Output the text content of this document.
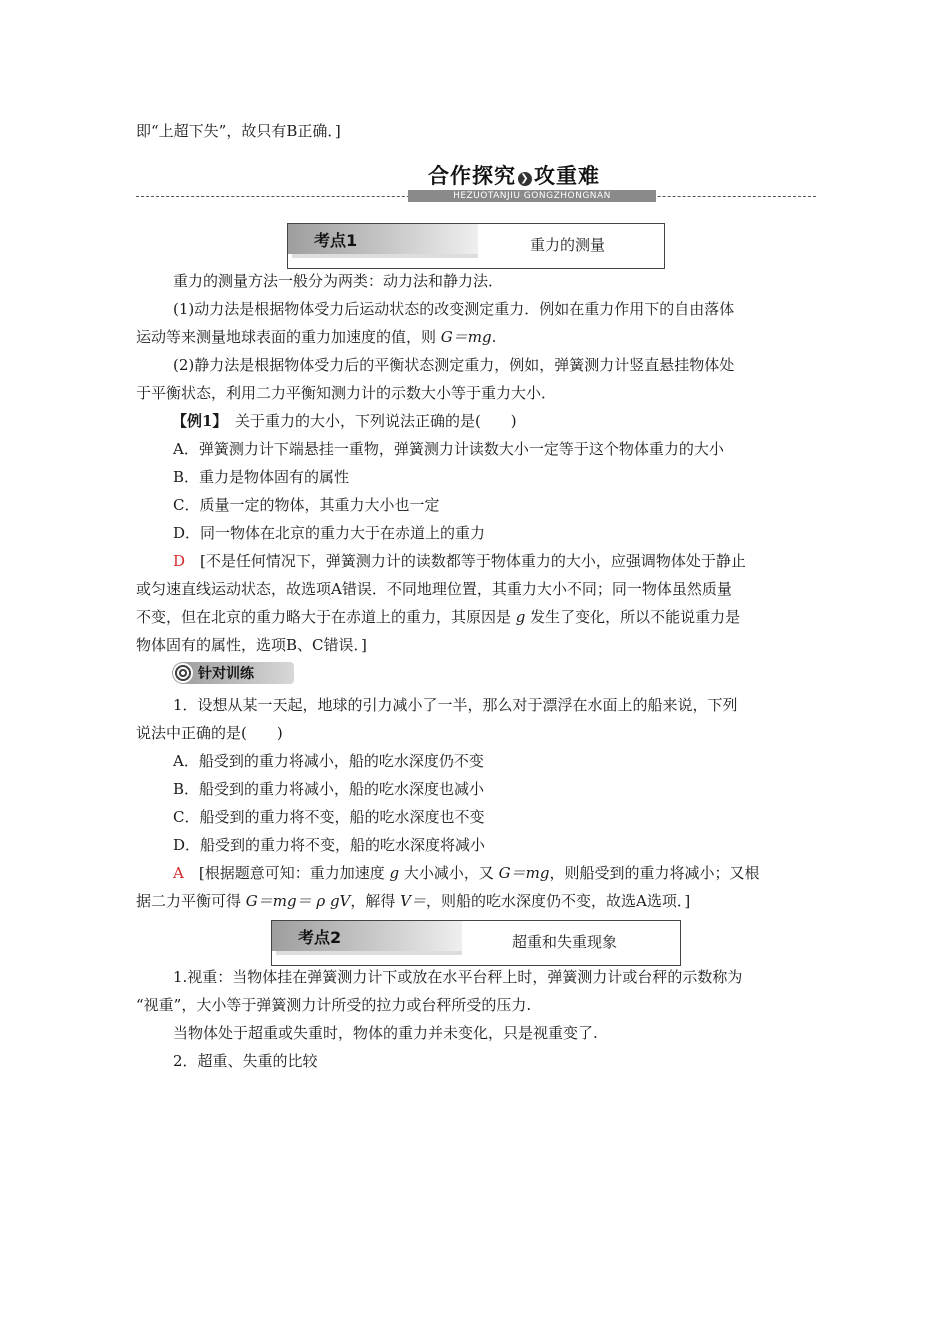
即“上超下失”，故只有B正确．]
合作探究 ❯ 攻重难
HEZUOTANJIU GONGZHONGNAN
考点1	重力的测量
重力的测量方法一般分为两类：动力法和静力法．
(1)动力法是根据物体受力后运动状态的改变测定重力．例如在重力作用下的自由落体
运动等来测量地球表面的重力加速度的值，则 G＝mg.
(2)静力法是根据物体受力后的平衡状态测定重力，例如，弹簧测力计竖直悬挂物体处
于平衡状态，利用二力平衡知测力计的示数大小等于重力大小．
【例1】　关于重力的大小，下列说法正确的是(　　)
A．弹簧测力计下端悬挂一重物，弹簧测力计读数大小一定等于这个物体重力的大小
B．重力是物体固有的属性
C．质量一定的物体，其重力大小也一定
D．同一物体在北京的重力大于在赤道上的重力
D　[不是任何情况下，弹簧测力计的读数都等于物体重力的大小，应强调物体处于静止
或匀速直线运动状态，故选项A错误．不同地理位置，其重力大小不同；同一物体虽然质量
不变，但在北京的重力略大于在赤道上的重力，其原因是 g 发生了变化，所以不能说重力是
物体固有的属性，选项B、C错误．]
针对训练
1．设想从某一天起，地球的引力减小了一半，那么对于漂浮在水面上的船来说，下列
说法中正确的是(　　)
A．船受到的重力将减小，船的吃水深度仍不变
B．船受到的重力将减小，船的吃水深度也减小
C．船受到的重力将不变，船的吃水深度也不变
D．船受到的重力将不变，船的吃水深度将减小
A　[根据题意可知：重力加速度 g 大小减小，又 G＝mg，则船受到的重力将减小；又根
据二力平衡可得 G＝mg＝ ρ gV，解得 V＝，则船的吃水深度仍不变，故选A选项．]
考点2	超重和失重现象
1.视重：当物体挂在弹簧测力计下或放在水平台秤上时，弹簧测力计或台秤的示数称为
“视重”，大小等于弹簧测力计所受的拉力或台秤所受的压力.
当物体处于超重或失重时，物体的重力并未变化，只是视重变了.
2．超重、失重的比较
